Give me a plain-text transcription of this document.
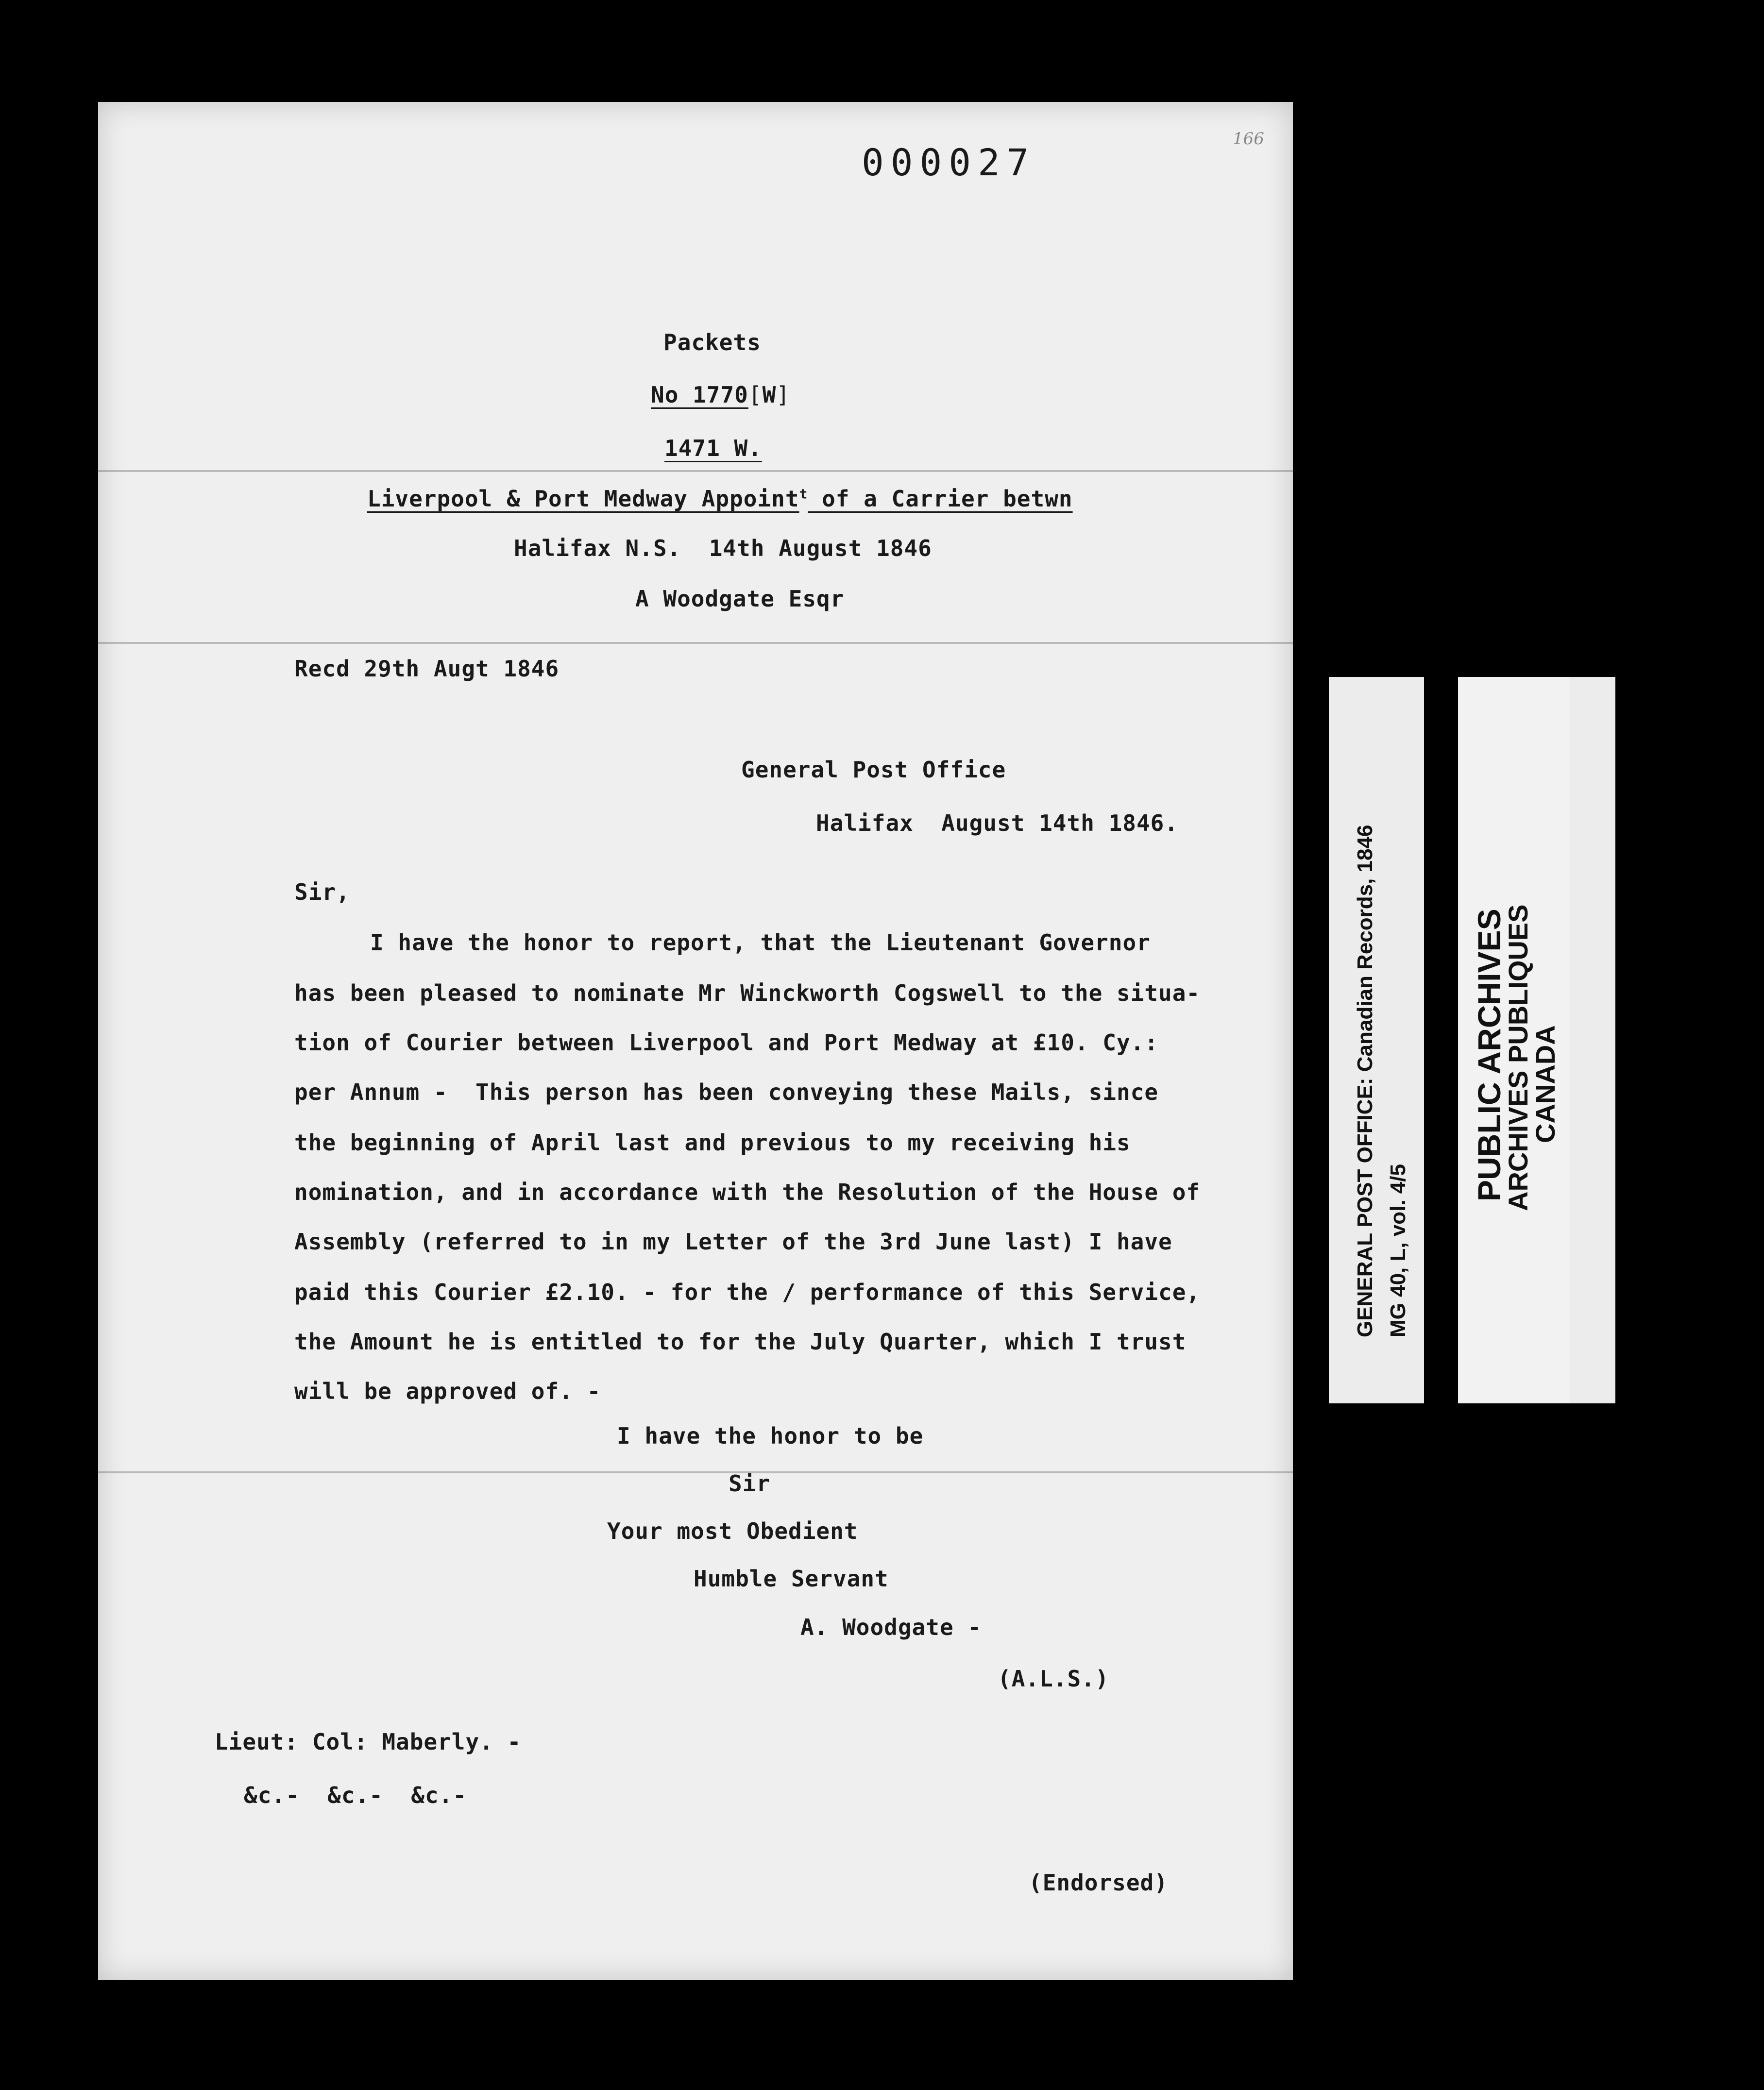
166
000027
Packets
No 1770[W]
1471 W.
Liverpool & Port Medway Appoint$^t$ of a Carrier betwn
Halifax N.S.  14th August 1846
A Woodgate Esqr
Recd 29th Augt 1846
General Post Office
Halifax  August 14th 1846.
Sir,
I have the honor to report, that the Lieutenant Governor
has been pleased to nominate Mr Winckworth Cogswell to the situa-
tion of Courier between Liverpool and Port Medway at £10. Cy.:
per Annum -  This person has been conveying these Mails, since
the beginning of April last and previous to my receiving his
nomination, and in accordance with the Resolution of the House of
Assembly (referred to in my Letter of the 3rd June last) I have
paid this Courier £2.10. - for the / performance of this Service,
the Amount he is entitled to for the July Quarter, which I trust
will be approved of. -
I have the honor to be
Sir
Your most Obedient
Humble Servant
A. Woodgate -
(A.L.S.)
Lieut: Col: Maberly. -
&c.-  &c.-  &c.-
(Endorsed)
GENERAL POST OFFICE: Canadian Records, 1846 MG 40, L, vol. 4/5
PUBLIC ARCHIVES
ARCHIVES PUBLIQUES
CANADA
